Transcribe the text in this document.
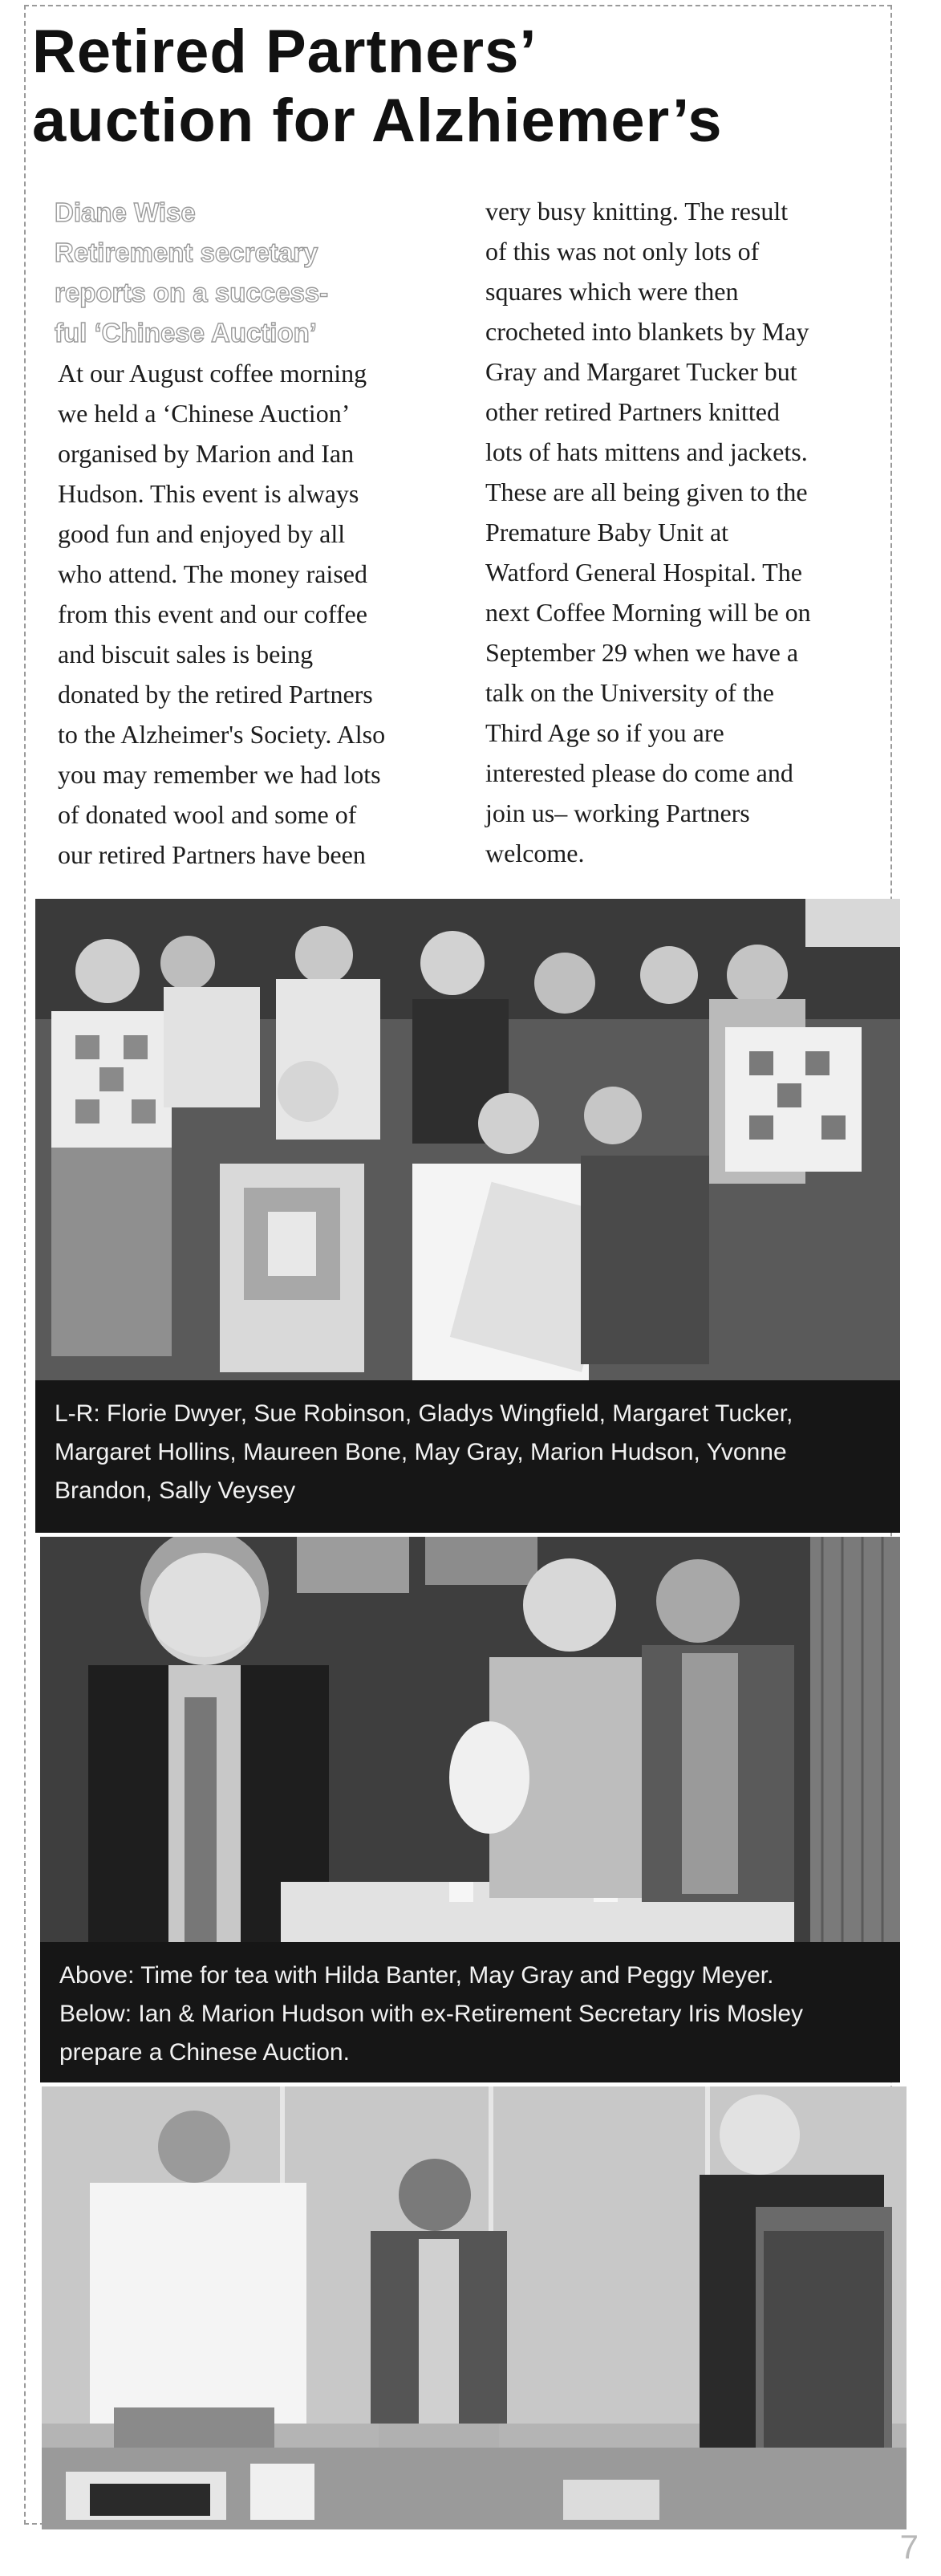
Retired Partners’
auction for Alzhiemer’s
Diane Wise
Retirement secretary
reports on a success-
ful ‘Chinese Auction’
At our August coffee morning
we held a ‘Chinese Auction’
organised by Marion and Ian
Hudson. This event is always
good fun and enjoyed by all
who attend. The money raised
from this event and our coffee
and biscuit sales is being
donated by the retired Partners
to the Alzheimer's Society. Also
you may remember we had lots
of donated wool and some of
our retired Partners have been
very busy knitting. The result
of this was not only lots of
squares which were then
crocheted into blankets by May
Gray and Margaret Tucker but
other retired Partners knitted
lots of hats mittens and jackets.
These are all being given to the
Premature Baby Unit at
Watford General Hospital. The
next Coffee Morning will be on
September 29 when we have a
talk on the University of the
Third Age so if you are
interested please do come and
join us– working Partners
welcome.
L-R: Florie Dwyer, Sue Robinson, Gladys Wingfield, Margaret Tucker,
Margaret Hollins, Maureen Bone, May Gray, Marion Hudson, Yvonne
Brandon, Sally Veysey
Above: Time for tea with Hilda Banter, May Gray and Peggy Meyer.
Below: Ian & Marion Hudson with ex-Retirement Secretary Iris Mosley
prepare a Chinese Auction.
7
